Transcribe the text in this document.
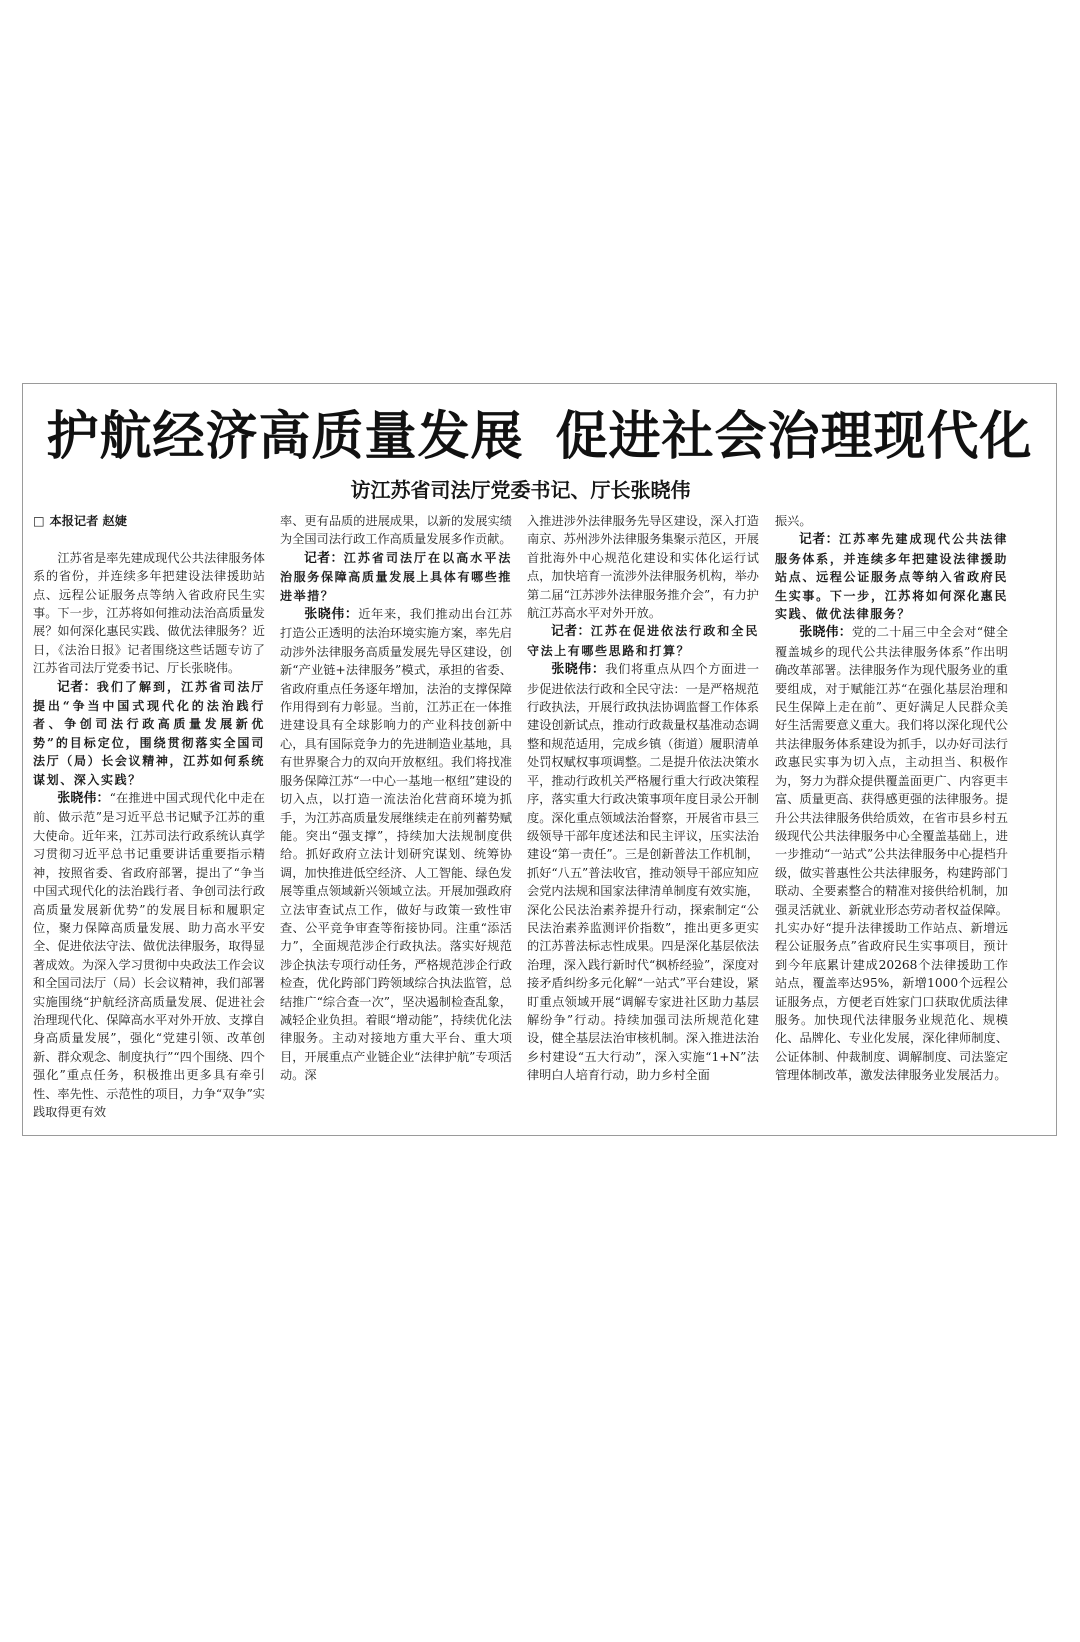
护航经济高质量发展 促进社会治理现代化
访江苏省司法厅党委书记、厅长张晓伟

□ 本报记者 赵婕

江苏省是率先建成现代公共法律服务体系的省份，并连续多年把建设法律援助站点、远程公证服务点等纳入省政府民生实事。下一步，江苏将如何推动法治高质量发展？如何深化惠民实践、做优法律服务？近日，《法治日报》记者围绕这些话题专访了江苏省司法厅党委书记、厅长张晓伟。

记者：我们了解到，江苏省司法厅提出“争当中国式现代化的法治践行者、争创司法行政高质量发展新优势”的目标定位，围绕贯彻落实全国司法厅（局）长会议精神，江苏如何系统谋划、深入实践？

张晓伟：“在推进中国式现代化中走在前、做示范”是习近平总书记赋予江苏的重大使命。近年来，江苏司法行政系统认真学习贯彻习近平总书记重要讲话重要指示精神，按照省委、省政府部署，提出了“争当中国式现代化的法治践行者、争创司法行政高质量发展新优势”的发展目标和履职定位，聚力保障高质量发展、助力高水平安全、促进依法守法、做优法律服务，取得显著成效。为深入学习贯彻中央政法工作会议和全国司法厅（局）长会议精神，我们部署实施围绕“护航经济高质量发展、促进社会治理现代化、保障高水平对外开放、支撑自身高质量发展”，强化“党建引领、改革创新、群众观念、制度执行”“四个围绕、四个强化”重点任务，积极推出更多具有牵引性、率先性、示范性的项目，力争“双争”实践取得更有效

率、更有品质的进展成果，以新的发展实绩为全国司法行政工作高质量发展多作贡献。

记者：江苏省司法厅在以高水平法治服务保障高质量发展上具体有哪些推进举措？

张晓伟：近年来，我们推动出台江苏打造公正透明的法治环境实施方案，率先启动涉外法律服务高质量发展先导区建设，创新“产业链+法律服务”模式，承担的省委、省政府重点任务逐年增加，法治的支撑保障作用得到有力彰显。当前，江苏正在一体推进建设具有全球影响力的产业科技创新中心，具有国际竞争力的先进制造业基地，具有世界聚合力的双向开放枢纽。我们将找准服务保障江苏“一中心一基地一枢纽”建设的切入点，以打造一流法治化营商环境为抓手，为江苏高质量发展继续走在前列蓄势赋能。突出“强支撑”，持续加大法规制度供给。抓好政府立法计划研究谋划、统筹协调，加快推进低空经济、人工智能、绿色发展等重点领域新兴领域立法。开展加强政府立法审查试点工作，做好与政策一致性审查、公平竞争审查等衔接协同。注重“添活力”，全面规范涉企行政执法。落实好规范涉企执法专项行动任务，严格规范涉企行政检查，优化跨部门跨领域综合执法监管，总结推广“综合查一次”，坚决遏制检查乱象，减轻企业负担。着眼“增动能”，持续优化法律服务。主动对接地方重大平台、重大项目，开展重点产业链企业“法律护航”专项活动。深

入推进涉外法律服务先导区建设，深入打造南京、苏州涉外法律服务集聚示范区，开展首批海外中心规范化建设和实体化运行试点，加快培育一流涉外法律服务机构，举办第二届“江苏涉外法律服务推介会”，有力护航江苏高水平对外开放。

记者：江苏在促进依法行政和全民守法上有哪些思路和打算？

张晓伟：我们将重点从四个方面进一步促进依法行政和全民守法：一是严格规范行政执法，开展行政执法协调监督工作体系建设创新试点，推动行政裁量权基准动态调整和规范适用，完成乡镇（街道）履职清单处罚权赋权事项调整。二是提升依法决策水平，推动行政机关严格履行重大行政决策程序，落实重大行政决策事项年度目录公开制度。深化重点领域法治督察，开展省市县三级领导干部年度述法和民主评议，压实法治建设“第一责任”。三是创新普法工作机制，抓好“八五”普法收官，推动领导干部应知应会党内法规和国家法律清单制度有效实施，深化公民法治素养提升行动，探索制定“公民法治素养监测评价指数”，推出更多更实的江苏普法标志性成果。四是深化基层依法治理，深入践行新时代“枫桥经验”，深度对接矛盾纠纷多元化解“一站式”平台建设，紧盯重点领域开展“调解专家进社区助力基层解纷争”行动。持续加强司法所规范化建设，健全基层法治审核机制。深入推进法治乡村建设“五大行动”，深入实施“1+N”法律明白人培育行动，助力乡村全面

振兴。

记者：江苏率先建成现代公共法律服务体系，并连续多年把建设法律援助站点、远程公证服务点等纳入省政府民生实事。下一步，江苏将如何深化惠民实践、做优法律服务？

张晓伟：党的二十届三中全会对“健全覆盖城乡的现代公共法律服务体系”作出明确改革部署。法律服务作为现代服务业的重要组成，对于赋能江苏“在强化基层治理和民生保障上走在前”、更好满足人民群众美好生活需要意义重大。我们将以深化现代公共法律服务体系建设为抓手，以办好司法行政惠民实事为切入点，主动担当、积极作为，努力为群众提供覆盖面更广、内容更丰富、质量更高、获得感更强的法律服务。提升公共法律服务供给质效，在省市县乡村五级现代公共法律服务中心全覆盖基础上，进一步推动“一站式”公共法律服务中心提档升级，做实普惠性公共法律服务，构建跨部门联动、全要素整合的精准对接供给机制，加强灵活就业、新就业形态劳动者权益保障。扎实办好“提升法律援助工作站点、新增远程公证服务点”省政府民生实事项目，预计到今年底累计建成20268个法律援助工作站点，覆盖率达95%，新增1000个远程公证服务点，方便老百姓家门口获取优质法律服务。加快现代法律服务业规范化、规模化、品牌化、专业化发展，深化律师制度、公证体制、仲裁制度、调解制度、司法鉴定管理体制改革，激发法律服务业发展活力。
